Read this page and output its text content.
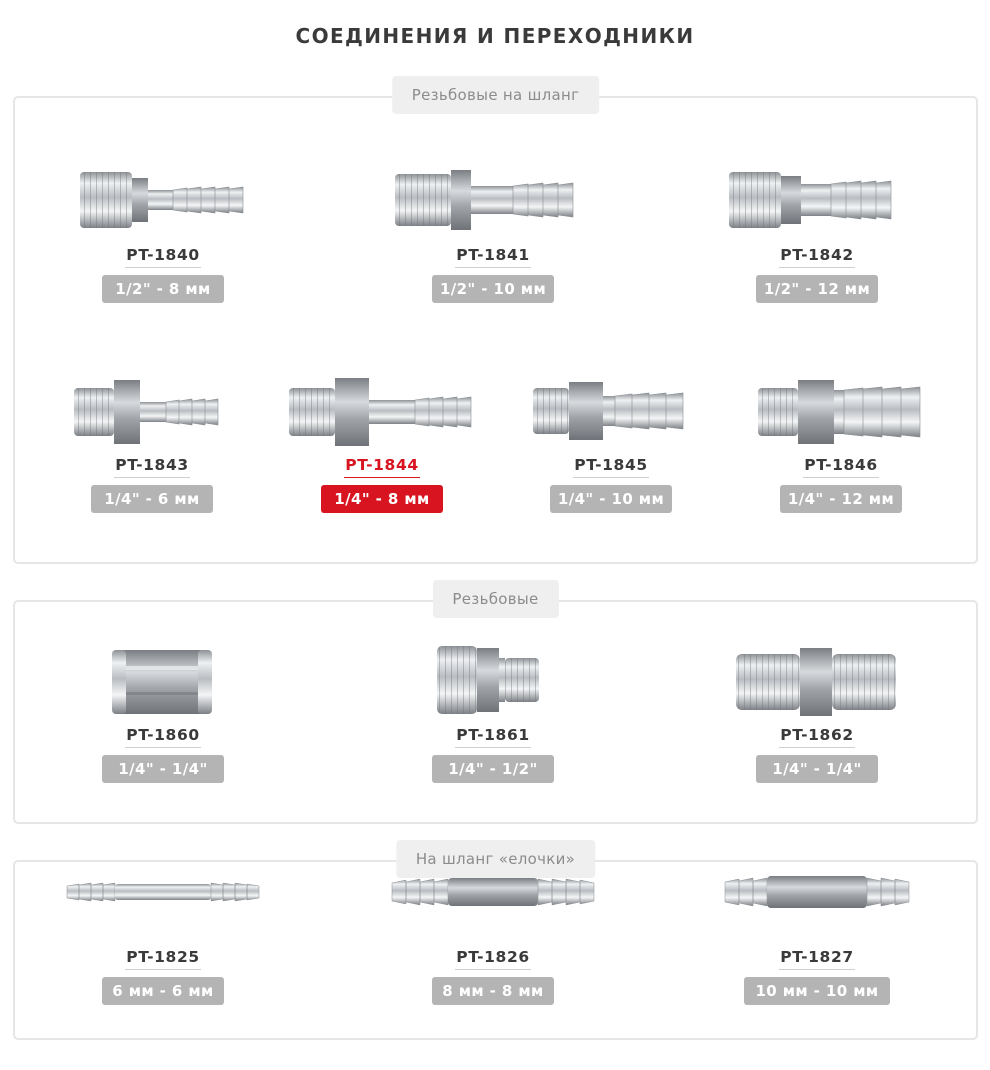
СОЕДИНЕНИЯ И ПЕРЕХОДНИКИ
Резьбовые на шланг
PT-1840
1/2" - 8 мм
PT-1841
1/2" - 10 мм
PT-1842
1/2" - 12 мм
PT-1843
1/4" - 6 мм
PT-1844
1/4" - 8 мм
PT-1845
1/4" - 10 мм
PT-1846
1/4" - 12 мм
Резьбовые
PT-1860
1/4" - 1/4"
PT-1861
1/4" - 1/2"
PT-1862
1/4" - 1/4"
На шланг «елочки»
PT-1825
6 мм - 6 мм
PT-1826
8 мм - 8 мм
PT-1827
10 мм - 10 мм
